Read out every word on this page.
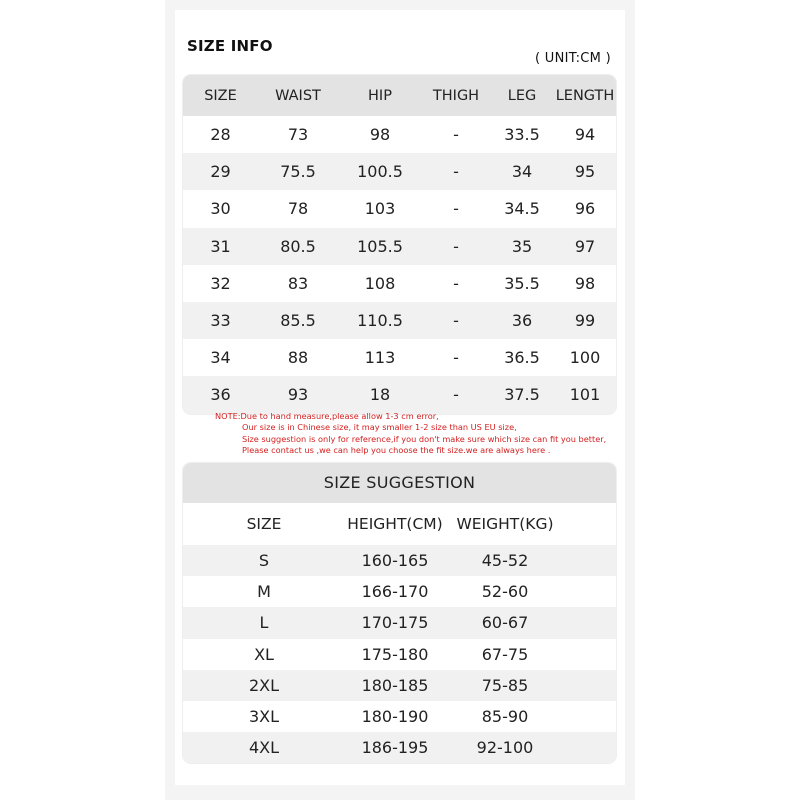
SIZE INFO
( UNIT:CM )
SIZE	WAIST	HIP	THIGH	LEG	LENGTH
28	73	98	-	33.5	94
29	75.5	100.5	-	34	95
30	78	103	-	34.5	96
31	80.5	105.5	-	35	97
32	83	108	-	35.5	98
33	85.5	110.5	-	36	99
34	88	113	-	36.5	100
36	93	18	-	37.5	101
NOTE:Due to hand measure,please allow 1-3 cm error,
Our size is in Chinese size, it may smaller 1-2 size than US EU size,
Size suggestion is only for reference,if you don't make sure which size can fit you better,
Please contact us ,we can help you choose the fit size.we are always here .
SIZE SUGGESTION
SIZE	HEIGHT(CM) WEIGHT(KG)
S	160-165	45-52
M	166-170	52-60
L	170-175	60-67
XL	175-180	67-75
2XL	180-185	75-85
3XL	180-190	85-90
4XL	186-195	92-100
